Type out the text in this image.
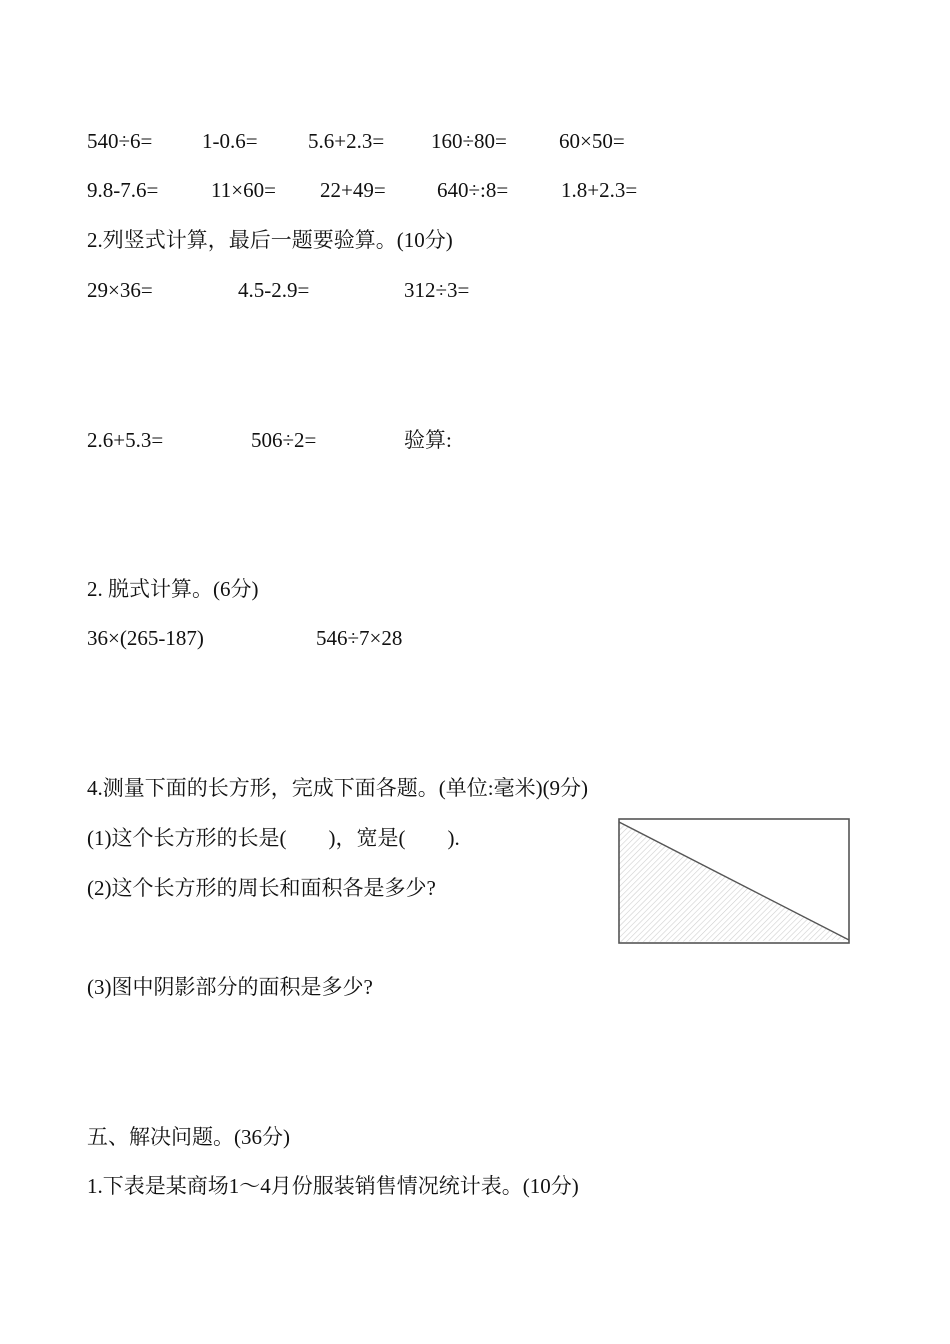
540÷6= 1-0.6= 5.6+2.3= 160÷80= 60×50=
9.8-7.6=	11×60= 22+49= 640÷:8=	1.8+2.3=
2.列竖式计算，最后一题要验算。(10分)
29×36=	4.5-2.9=	312÷3=
2.6+5.3=	506÷2=	验算:
2. 脱式计算。(6分)
36×(265-187)	546÷7×28
4.测量下面的长方形，完成下面各题。(单位:毫米)(9分)
(1)这个长方形的长是(　　)，宽是(　　).
(2)这个长方形的周长和面积各是多少?
(3)图中阴影部分的面积是多少?
五、解决问题。(36分)
1.下表是某商场1～4月份服装销售情况统计表。(10分)
